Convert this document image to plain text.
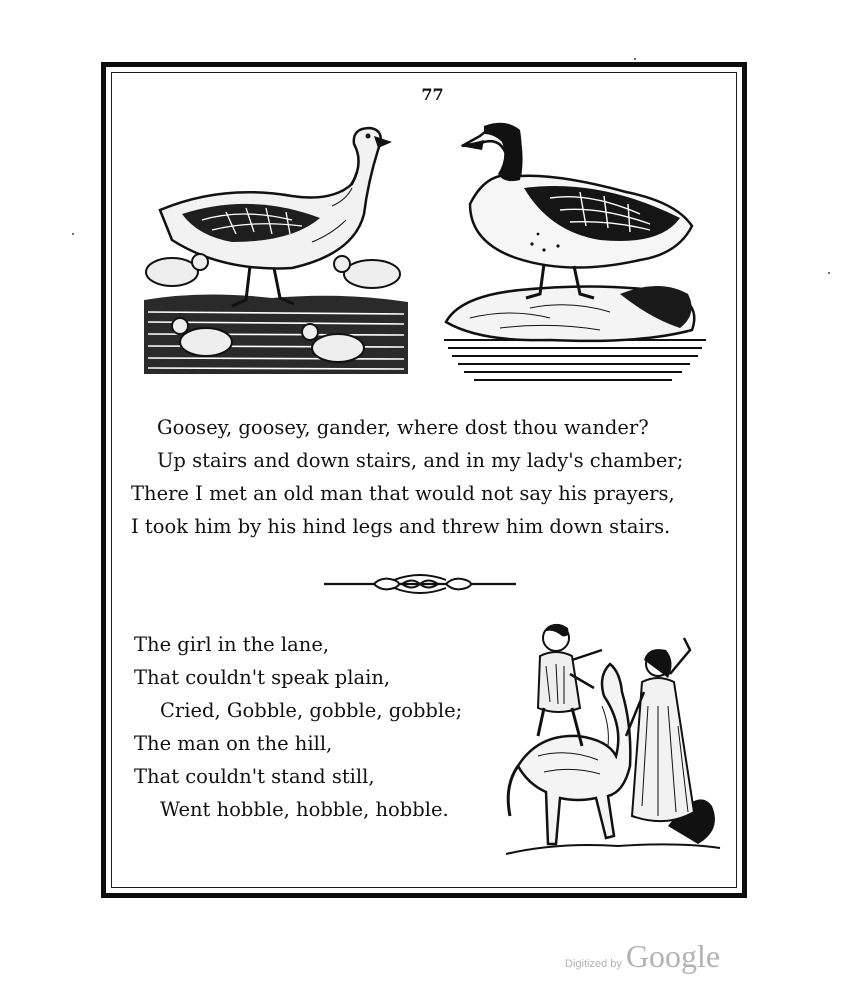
77
Goosey, goosey, gander, where dost thou wander?
Up stairs and down stairs, and in my lady's chamber;
There I met an old man that would not say his prayers,
I took him by his hind legs and threw him down stairs.
The girl in the lane,
That couldn't speak plain,
Cried, Gobble, gobble, gobble;
The man on the hill,
That couldn't stand still,
Went hobble, hobble, hobble.
Digitized by Google
